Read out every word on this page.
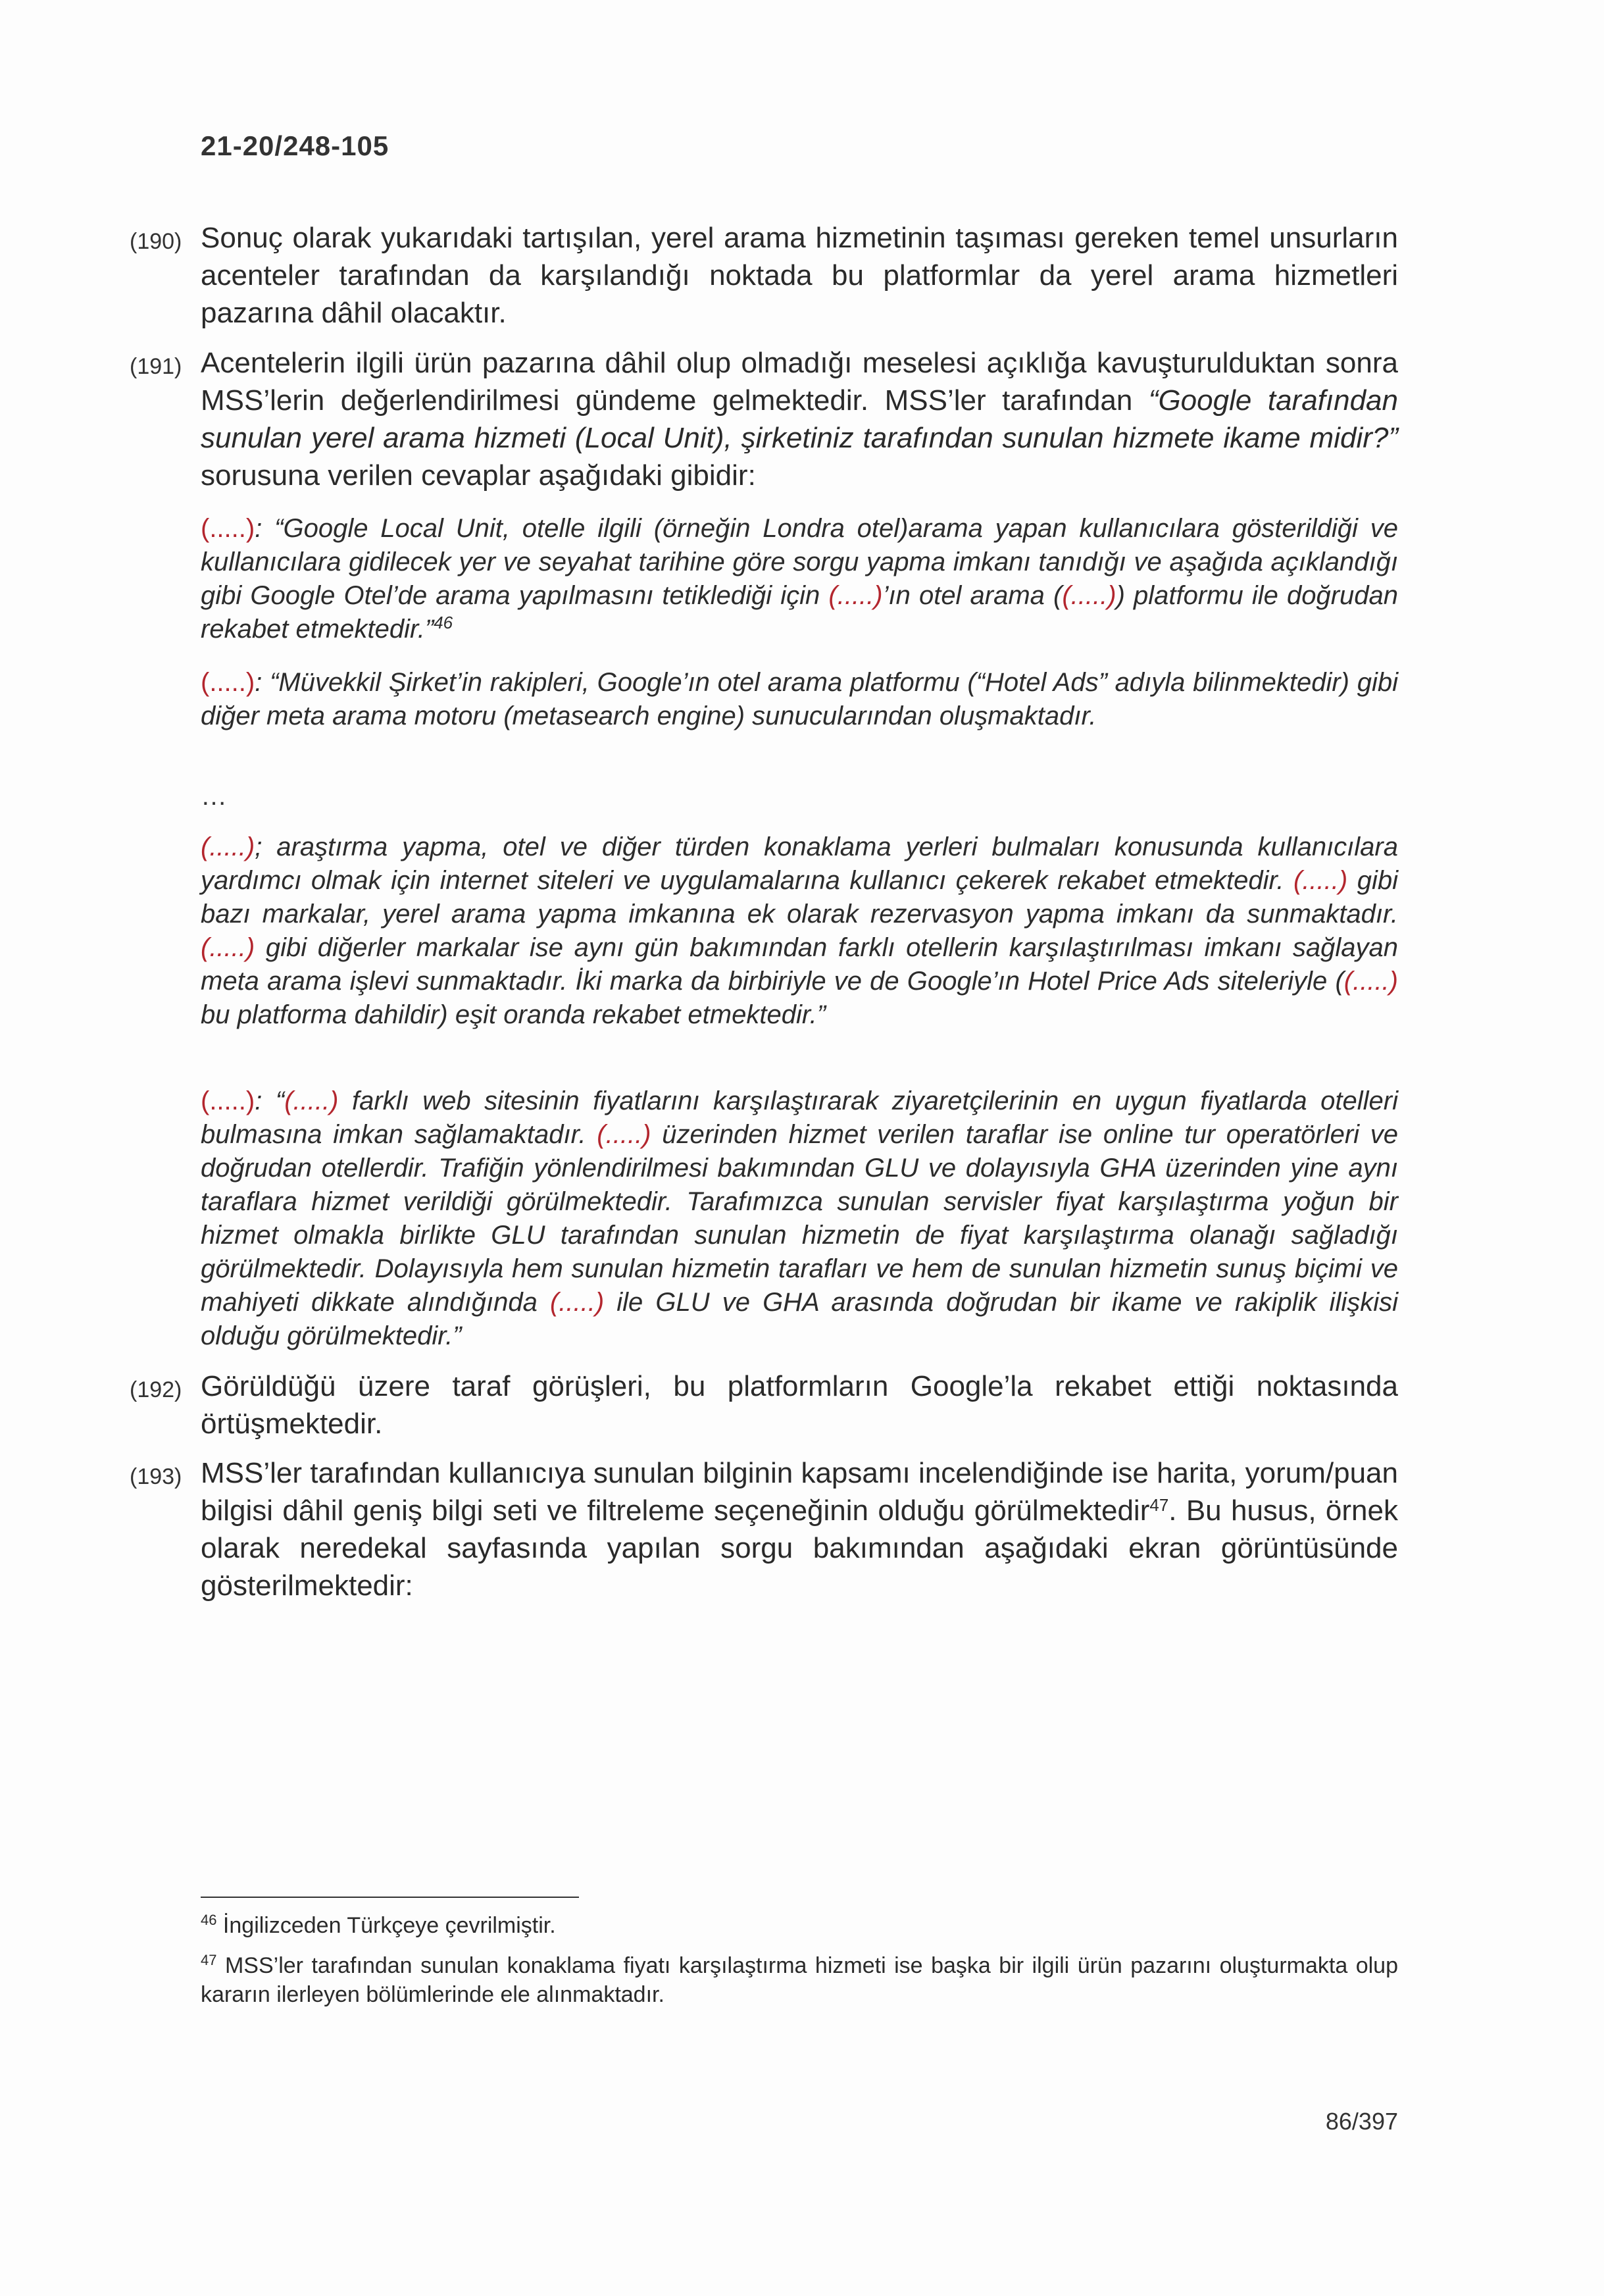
21-20/248-105
(190) Sonuç olarak yukarıdaki tartışılan, yerel arama hizmetinin taşıması gereken temel unsurların acenteler tarafından da karşılandığı noktada bu platformlar da yerel arama hizmetleri pazarına dâhil olacaktır.

(191) Acentelerin ilgili ürün pazarına dâhil olup olmadığı meselesi açıklığa kavuşturulduktan sonra MSS’lerin değerlendirilmesi gündeme gelmektedir. MSS’ler tarafından “Google tarafından sunulan yerel arama hizmeti (Local Unit), şirketiniz tarafından sunulan hizmete ikame midir?” sorusuna verilen cevaplar aşağıdaki gibidir:

(.....): “Google Local Unit, otelle ilgili (örneğin Londra otel)arama yapan kullanıcılara gösterildiği ve kullanıcılara gidilecek yer ve seyahat tarihine göre sorgu yapma imkanı tanıdığı ve aşağıda açıklandığı gibi Google Otel’de arama yapılmasını tetiklediği için (.....)’ın otel arama ((.....)) platformu ile doğrudan rekabet etmektedir.”$^{46}$

(.....): “Müvekkil Şirket’in rakipleri, Google’ın otel arama platformu (“Hotel Ads” adıyla bilinmektedir) gibi diğer meta arama motoru (metasearch engine) sunucularından oluşmaktadır.

…

(.....); araştırma yapma, otel ve diğer türden konaklama yerleri bulmaları konusunda kullanıcılara yardımcı olmak için internet siteleri ve uygulamalarına kullanıcı çekerek rekabet etmektedir. (.....) gibi bazı markalar, yerel arama yapma imkanına ek olarak rezervasyon yapma imkanı da sunmaktadır. (.....) gibi diğerler markalar ise aynı gün bakımından farklı otellerin karşılaştırılması imkanı sağlayan meta arama işlevi sunmaktadır. İki marka da birbiriyle ve de Google’ın Hotel Price Ads siteleriyle ((.....) bu platforma dahildir) eşit oranda rekabet etmektedir.”

(.....): “(.....) farklı web sitesinin fiyatlarını karşılaştırarak ziyaretçilerinin en uygun fiyatlarda otelleri bulmasına imkan sağlamaktadır. (.....) üzerinden hizmet verilen taraflar ise online tur operatörleri ve doğrudan otellerdir. Trafiğin yönlendirilmesi bakımından GLU ve dolayısıyla GHA üzerinden yine aynı taraflara hizmet verildiği görülmektedir. Tarafımızca sunulan servisler fiyat karşılaştırma yoğun bir hizmet olmakla birlikte GLU tarafından sunulan hizmetin de fiyat karşılaştırma olanağı sağladığı görülmektedir. Dolayısıyla hem sunulan hizmetin tarafları ve hem de sunulan hizmetin sunuş biçimi ve mahiyeti dikkate alındığında (.....) ile GLU ve GHA arasında doğrudan bir ikame ve rakiplik ilişkisi olduğu görülmektedir.”

(192) Görüldüğü üzere taraf görüşleri, bu platformların Google’la rekabet ettiği noktasında örtüşmektedir.

(193) MSS’ler tarafından kullanıcıya sunulan bilginin kapsamı incelendiğinde ise harita, yorum/puan bilgisi dâhil geniş bilgi seti ve filtreleme seçeneğinin olduğu görülmektedir$^{47}$. Bu husus, örnek olarak neredekal sayfasında yapılan sorgu bakımından aşağıdaki ekran görüntüsünde gösterilmektedir:

$^{46}$ İngilizceden Türkçeye çevrilmiştir.
$^{47}$ MSS’ler tarafından sunulan konaklama fiyatı karşılaştırma hizmeti ise başka bir ilgili ürün pazarını oluşturmakta olup kararın ilerleyen bölümlerinde ele alınmaktadır.
86/397
